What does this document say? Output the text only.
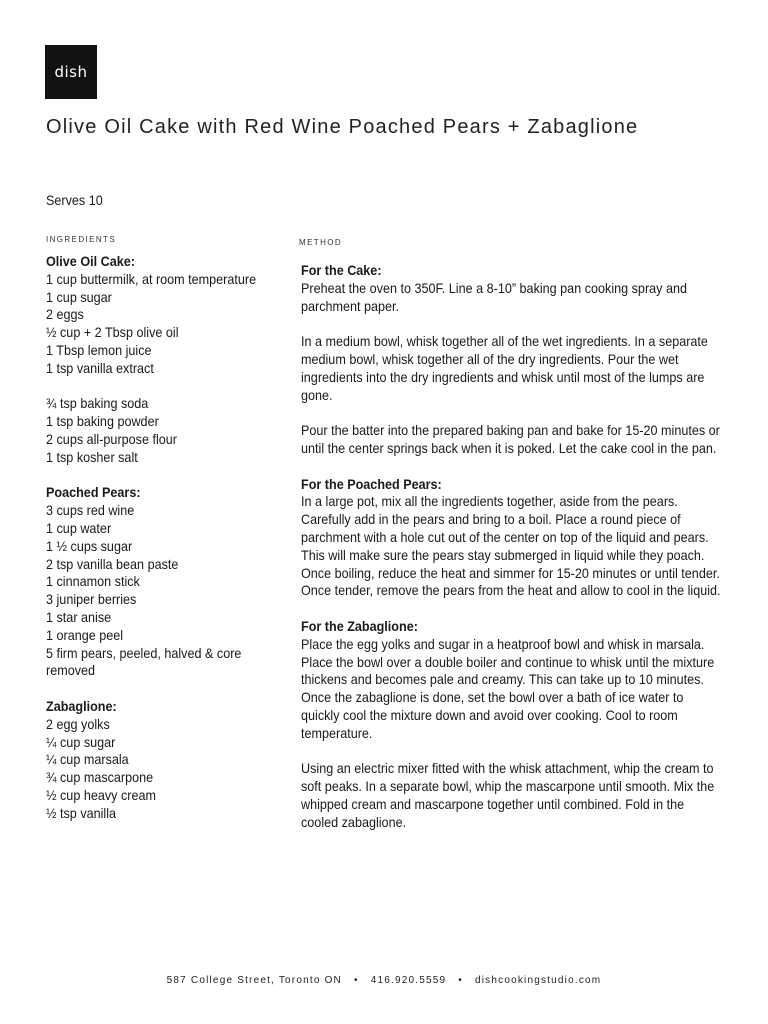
dish
Olive Oil Cake with Red Wine Poached Pears + Zabaglione
Serves 10
INGREDIENTS	METHOD
Olive Oil Cake:
1 cup buttermilk, at room temperature
1 cup sugar
2 eggs
½ cup + 2 Tbsp olive oil
1 Tbsp lemon juice
1 tsp vanilla extract
¾ tsp baking soda
1 tsp baking powder
2 cups all-purpose flour
1 tsp kosher salt
Poached Pears:
3 cups red wine
1 cup water
1 ½ cups sugar
2 tsp vanilla bean paste
1 cinnamon stick
3 juniper berries
1 star anise
1 orange peel
5 firm pears, peeled, halved & core removed
Zabaglione:
2 egg yolks
¼ cup sugar
¼ cup marsala
¾ cup mascarpone
½ cup heavy cream
½ tsp vanilla

For the Cake:
Preheat the oven to 350F. Line a 8-10” baking pan cooking spray and parchment paper.

In a medium bowl, whisk together all of the wet ingredients. In a separate medium bowl, whisk together all of the dry ingredients. Pour the wet ingredients into the dry ingredients and whisk until most of the lumps are gone.

Pour the batter into the prepared baking pan and bake for 15-20 minutes or until the center springs back when it is poked. Let the cake cool in the pan.

For the Poached Pears:
In a large pot, mix all the ingredients together, aside from the pears. Carefully add in the pears and bring to a boil. Place a round piece of parchment with a hole cut out of the center on top of the liquid and pears. This will make sure the pears stay submerged in liquid while they poach. Once boiling, reduce the heat and simmer for 15-20 minutes or until tender. Once tender, remove the pears from the heat and allow to cool in the liquid.

For the Zabaglione:
Place the egg yolks and sugar in a heatproof bowl and whisk in marsala. Place the bowl over a double boiler and continue to whisk until the mixture thickens and becomes pale and creamy. This can take up to 10 minutes. Once the zabaglione is done, set the bowl over a bath of ice water to quickly cool the mixture down and avoid over cooking. Cool to room temperature.

Using an electric mixer fitted with the whisk attachment, whip the cream to soft peaks. In a separate bowl, whip the mascarpone until smooth. Mix the whipped cream and mascarpone together until combined. Fold in the cooled zabaglione.

587 College Street, Toronto ON • 416.920.5559 • dishcookingstudio.com
